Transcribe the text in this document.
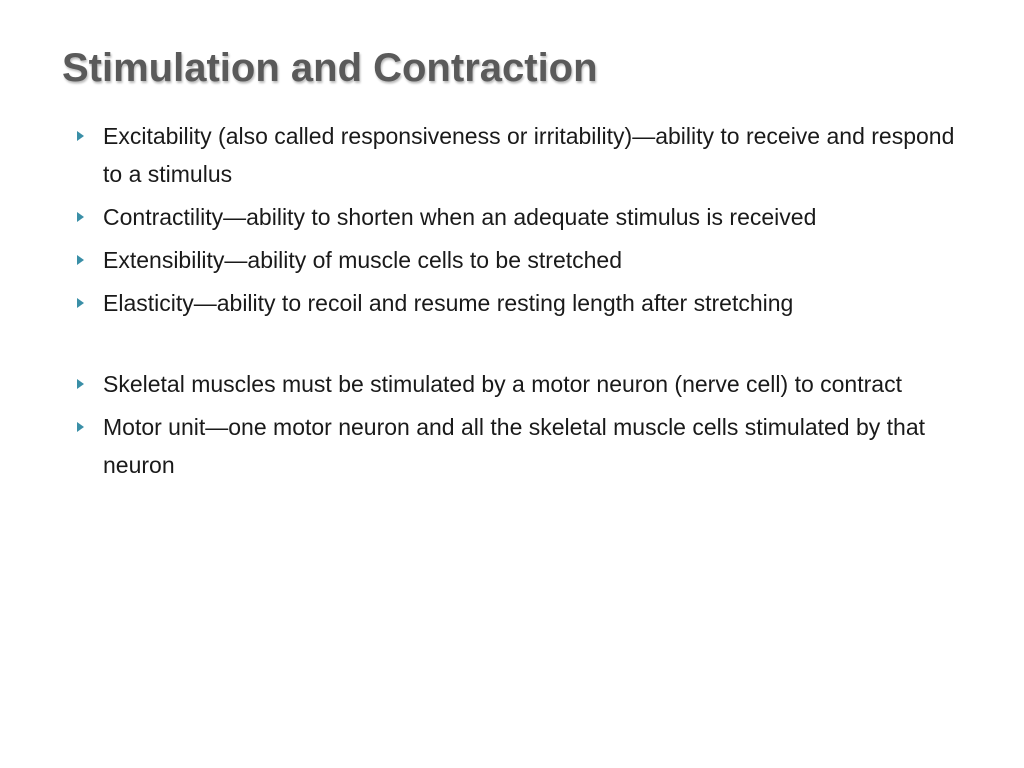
Stimulation and Contraction
Excitability (also called responsiveness or irritability)—ability to receive and respond to a stimulus
Contractility—ability to shorten when an adequate stimulus is received
Extensibility—ability of muscle cells to be stretched
Elasticity—ability to recoil and resume resting length after stretching
Skeletal muscles must be stimulated by a motor neuron (nerve cell) to contract
Motor unit—one motor neuron and all the skeletal muscle cells stimulated by that neuron
